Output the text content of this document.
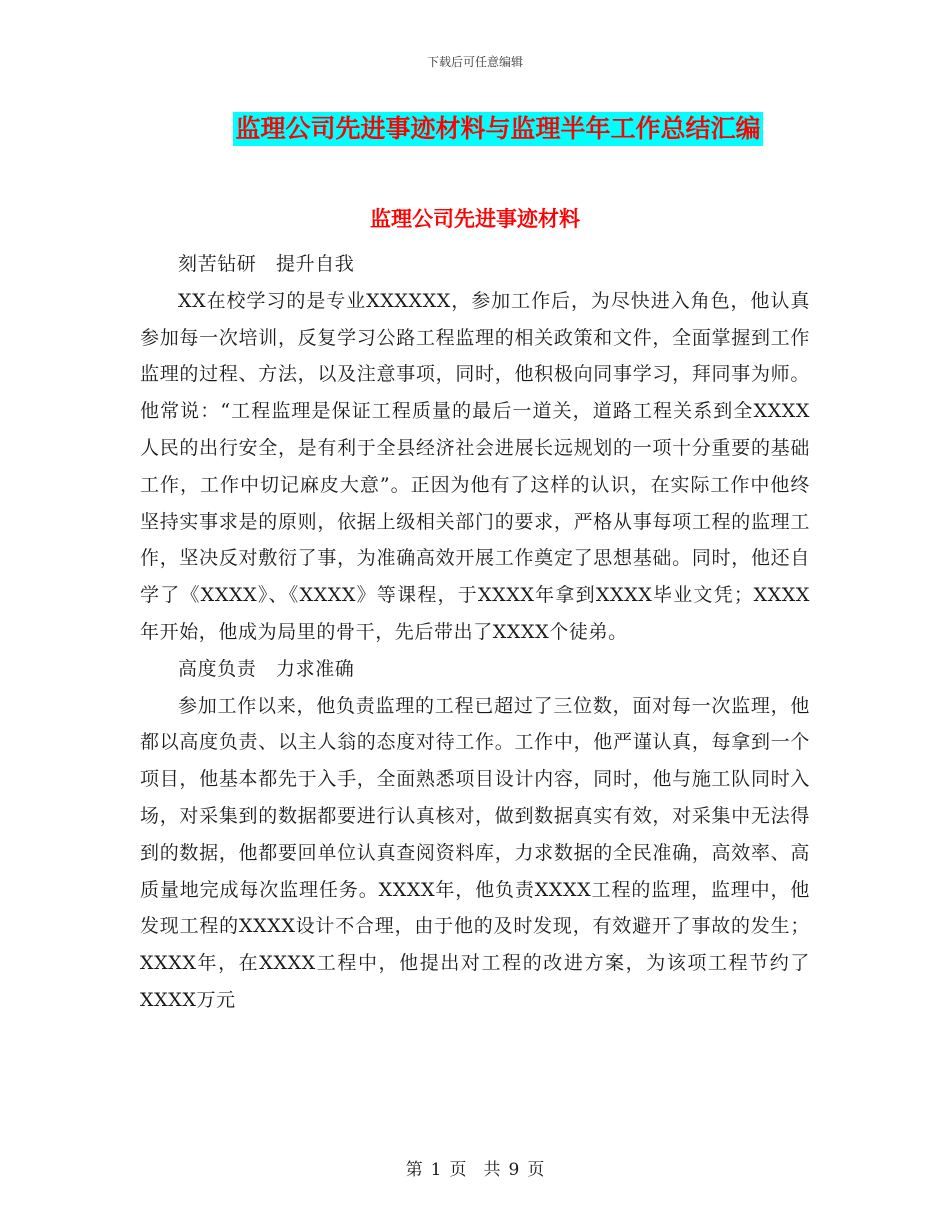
下载后可任意编辑
监理公司先进事迹材料与监理半年工作总结汇编
监理公司先进事迹材料

刻苦钻研　提升自我

XX在校学习的是专业XXXXXX，参加工作后，为尽快进入角色，他认真参加每一次培训，反复学习公路工程监理的相关政策和文件，全面掌握到工作监理的过程、方法，以及注意事项，同时，他积极向同事学习，拜同事为师。他常说：“工程监理是保证工程质量的最后一道关，道路工程关系到全XXXX人民的出行安全，是有利于全县经济社会进展长远规划的一项十分重要的基础工作，工作中切记麻皮大意”。正因为他有了这样的认识，在实际工作中他终坚持实事求是的原则，依据上级相关部门的要求，严格从事每项工程的监理工作，坚决反对敷衍了事，为准确高效开展工作奠定了思想基础。同时，他还自学了《XXXX》、《XXXX》等课程，于XXXX年拿到XXXX毕业文凭；XXXX年开始，他成为局里的骨干，先后带出了XXXX个徒弟。

高度负责　力求准确

参加工作以来，他负责监理的工程已超过了三位数，面对每一次监理，他都以高度负责、以主人翁的态度对待工作。工作中，他严谨认真，每拿到一个项目，他基本都先于入手，全面熟悉项目设计内容，同时，他与施工队同时入场，对采集到的数据都要进行认真核对，做到数据真实有效，对采集中无法得到的数据，他都要回单位认真查阅资料库，力求数据的全民准确，高效率、高质量地完成每次监理任务。XXXX年，他负责XXXX工程的监理，监理中，他发现工程的XXXX设计不合理，由于他的及时发现，有效避开了事故的发生；XXXX年，在XXXX工程中，他提出对工程的改进方案，为该项工程节约了XXXX万元

第 1 页　共 9 页
